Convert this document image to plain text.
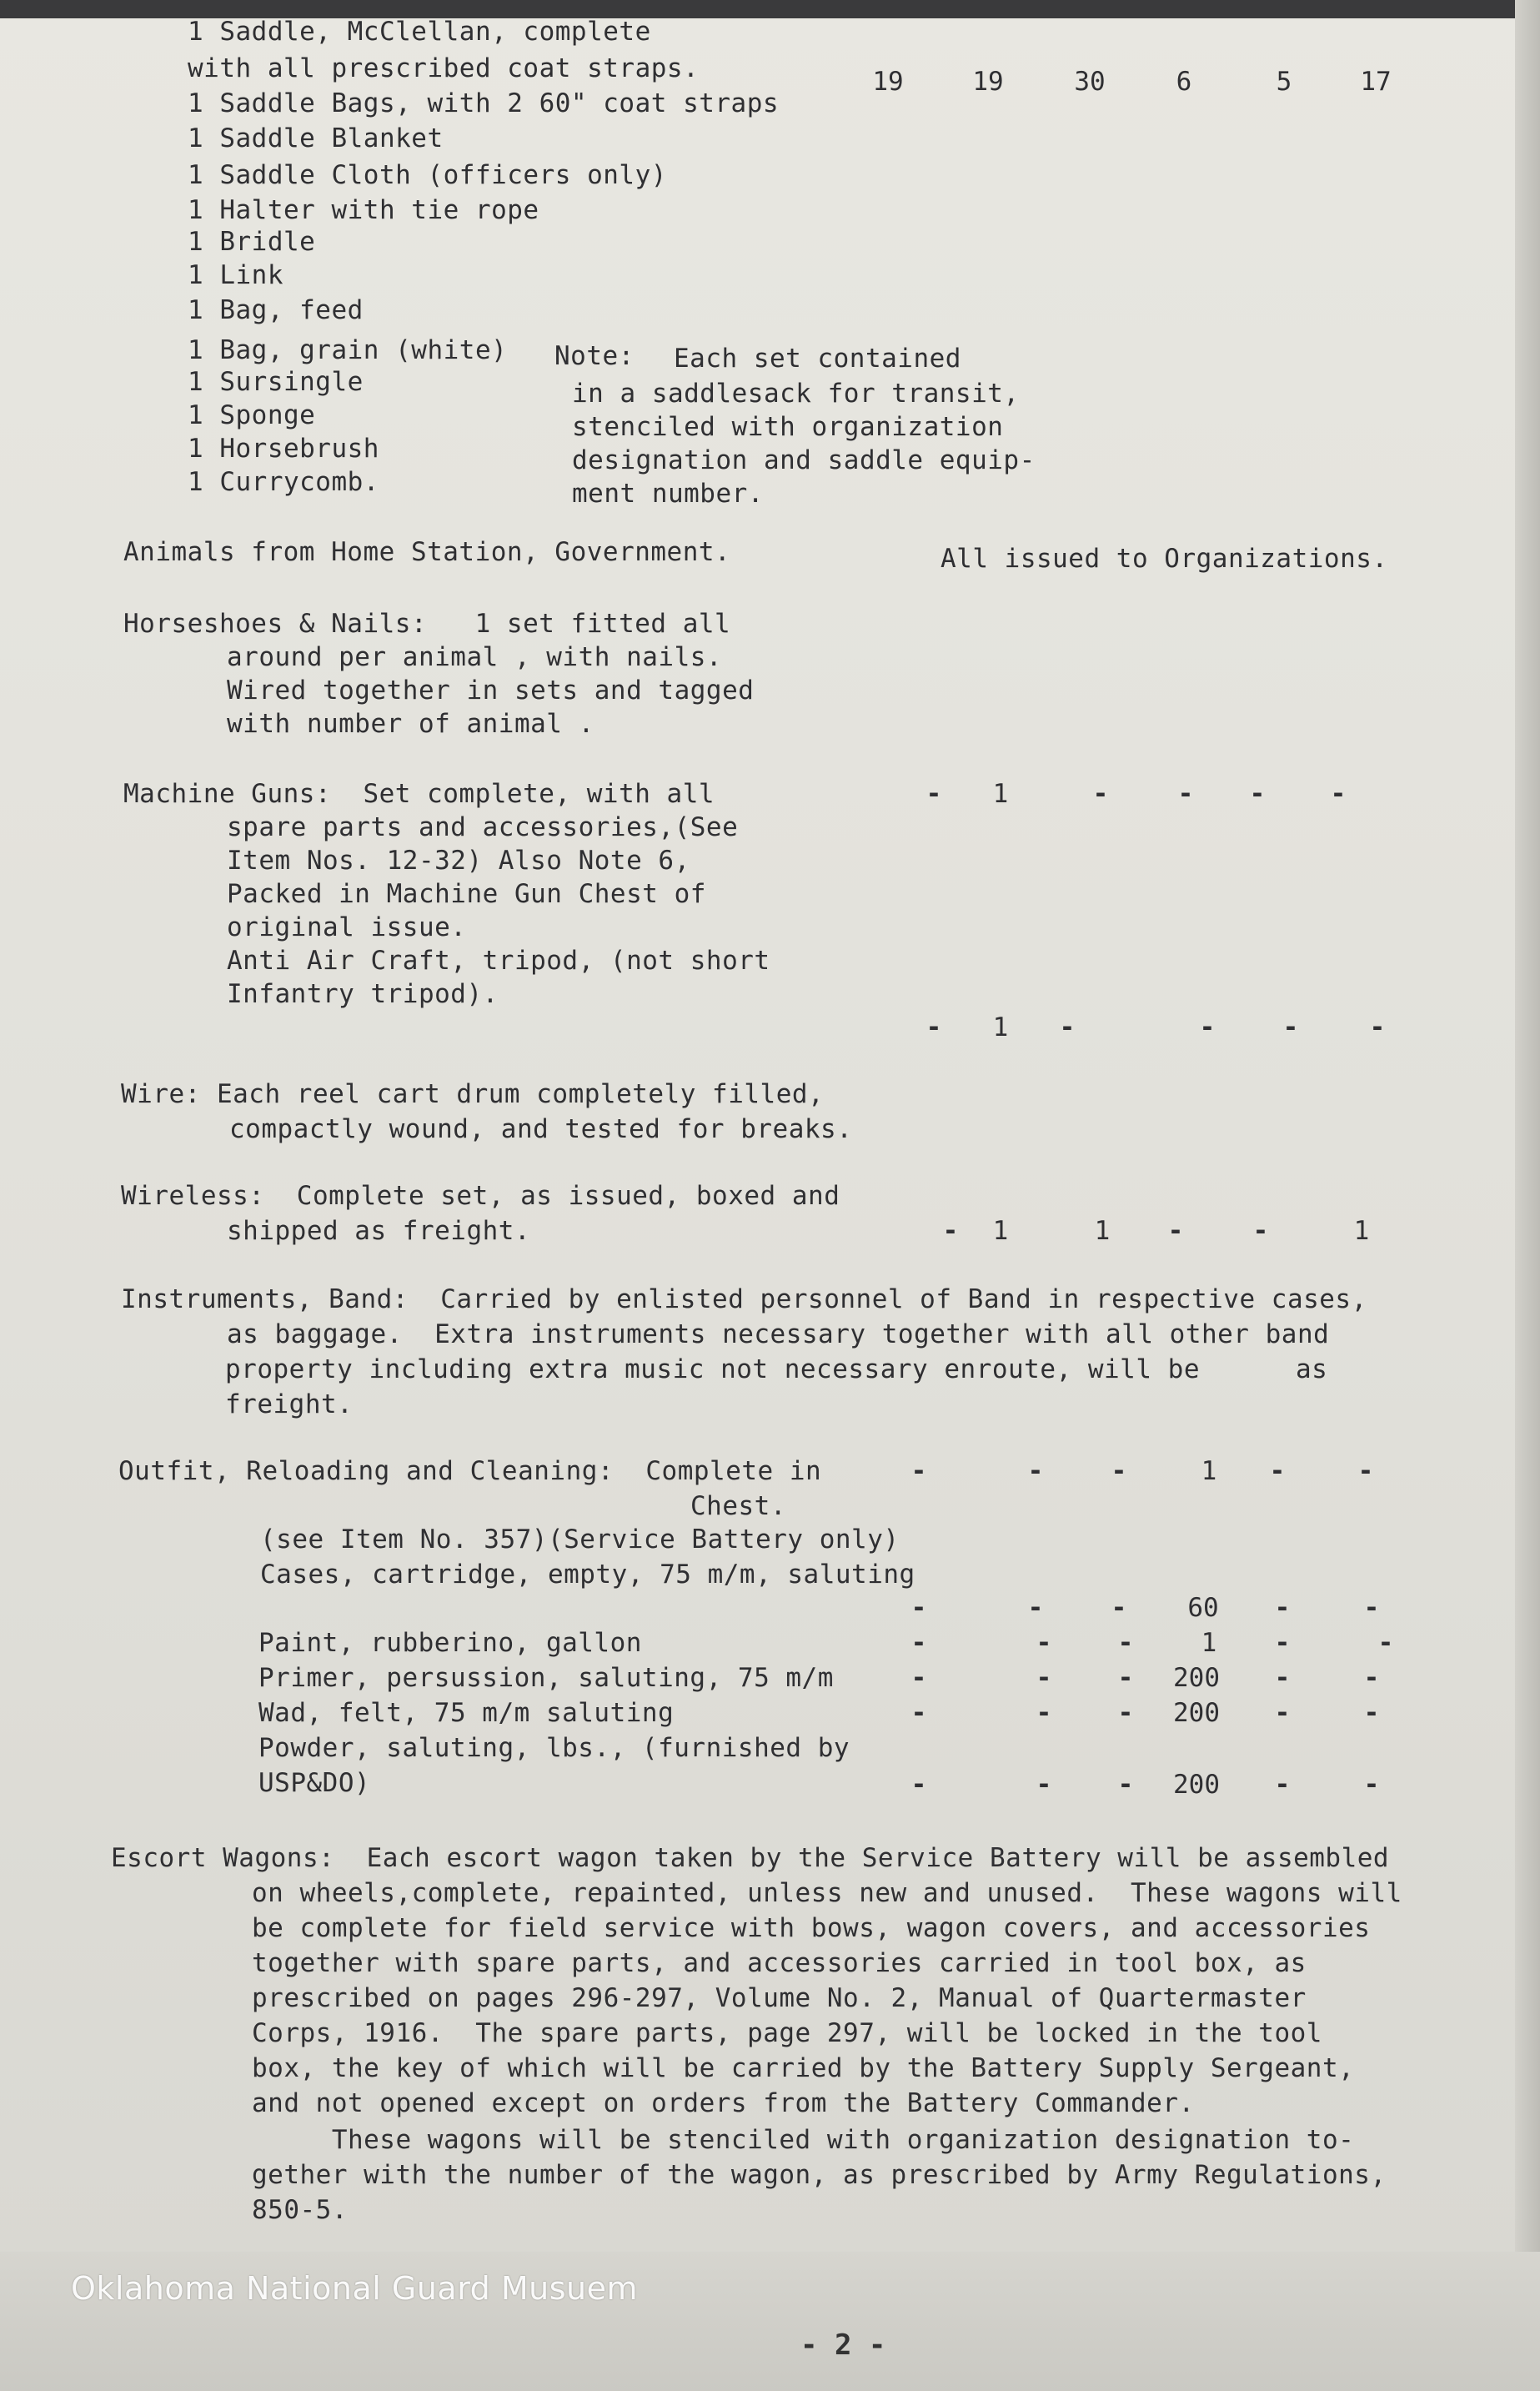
1 Saddle, McClellan, complete
with all prescribed coat straps.
1 Saddle Bags, with 2 60" coat straps
1 Saddle Blanket
1 Saddle Cloth (officers only)
1 Halter with tie rope
1 Bridle
1 Link
1 Bag, feed
1 Bag, grain (white)
1 Sursingle
1 Sponge
1 Horsebrush
1 Currycomb.
Note: Each set contained
in a saddlesack for transit,
stenciled with organization
designation and saddle equip-
ment number.
19	19	30	6	5	17
Animals from Home Station, Government.	All issued to Organizations.
Horseshoes & Nails:   1 set fitted all
around per animal , with nails.
Wired together in sets and tagged
with number of animal .
Machine Guns:  Set complete, with all
spare parts and accessories,(See
Item Nos. 12-32) Also Note 6,
Packed in Machine Gun Chest of
original issue.
Anti Air Craft, tripod, (not short
Infantry tripod).
-	1	-	-	-	-
-	1	-	-	-	-
Wire: Each reel cart drum completely filled,
compactly wound, and tested for breaks.
Wireless:  Complete set, as issued, boxed and
shipped as freight.	-	1	1	-	-	1
Instruments, Band:  Carried by enlisted personnel of Band in respective cases,
as baggage.  Extra instruments necessary together with all other band
property including extra music not necessary enroute, will be      as
freight.
Outfit, Reloading and Cleaning:  Complete in
Chest.
-	-	-	1	-	-
(see Item No. 357)(Service Battery only)
Cases, cartridge, empty, 75 m/m, saluting
-	-	-	60	-	-
Paint, rubberino, gallon	-	-	-	1	-	-
Primer, persussion, saluting, 75 m/m	-	-	-	200	-	-
Wad, felt, 75 m/m saluting	-	-	-	200	-	-
Powder, saluting, lbs., (furnished by
USP&DO)	-	-	-	200	-	-
Escort Wagons:  Each escort wagon taken by the Service Battery will be assembled
on wheels,complete, repainted, unless new and unused.  These wagons will
be complete for field service with bows, wagon covers, and accessories
together with spare parts, and accessories carried in tool box, as
prescribed on pages 296-297, Volume No. 2, Manual of Quartermaster
Corps, 1916.  The spare parts, page 297, will be locked in the tool
box, the key of which will be carried by the Battery Supply Sergeant,
and not opened except on orders from the Battery Commander.
These wagons will be stenciled with organization designation to-
gether with the number of the wagon, as prescribed by Army Regulations,
850-5.
Oklahoma National Guard Musuem
- 2 -
